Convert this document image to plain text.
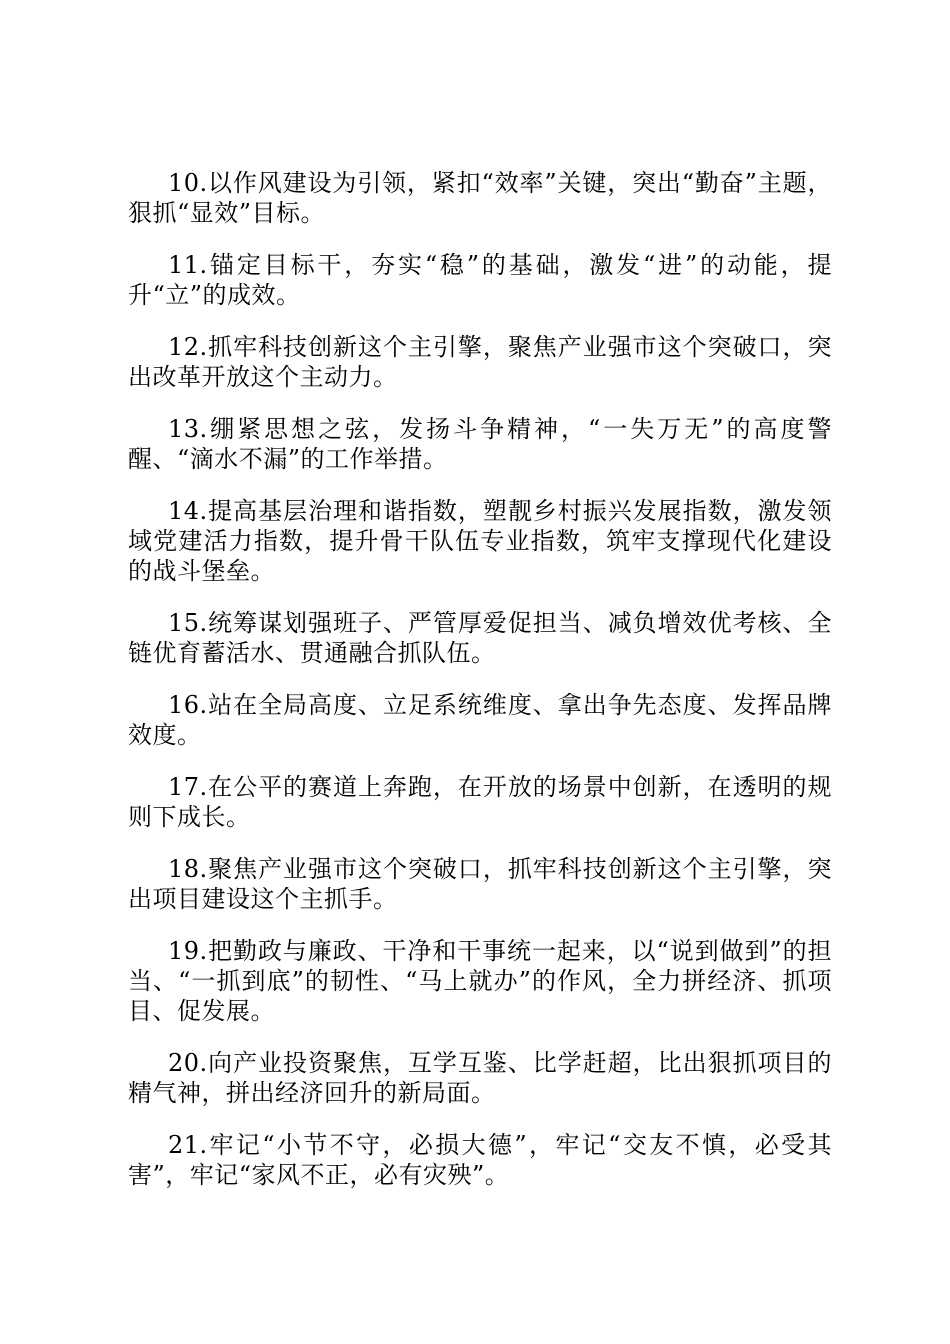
10.以作风建设为引领，紧扣“效率”关键，突出“勤奋”主题，狠抓“显效”目标。

11.锚定目标干，夯实“稳”的基础，激发“进”的动能，提升“立”的成效。

12.抓牢科技创新这个主引擎，聚焦产业强市这个突破口，突出改革开放这个主动力。

13.绷紧思想之弦，发扬斗争精神，“一失万无”的高度警醒、“滴水不漏”的工作举措。

14.提高基层治理和谐指数，塑靓乡村振兴发展指数，激发领域党建活力指数，提升骨干队伍专业指数，筑牢支撑现代化建设的战斗堡垒。

15.统筹谋划强班子、严管厚爱促担当、减负增效优考核、全链优育蓄活水、贯通融合抓队伍。

16.站在全局高度、立足系统维度、拿出争先态度、发挥品牌效度。

17.在公平的赛道上奔跑，在开放的场景中创新，在透明的规则下成长。

18.聚焦产业强市这个突破口，抓牢科技创新这个主引擎，突出项目建设这个主抓手。

19.把勤政与廉政、干净和干事统一起来，以“说到做到”的担当、“一抓到底”的韧性、“马上就办”的作风，全力拼经济、抓项目、促发展。

20.向产业投资聚焦，互学互鉴、比学赶超，比出狠抓项目的精气神，拼出经济回升的新局面。

21.牢记“小节不守，必损大德”，牢记“交友不慎，必受其害”，牢记“家风不正，必有灾殃”。
